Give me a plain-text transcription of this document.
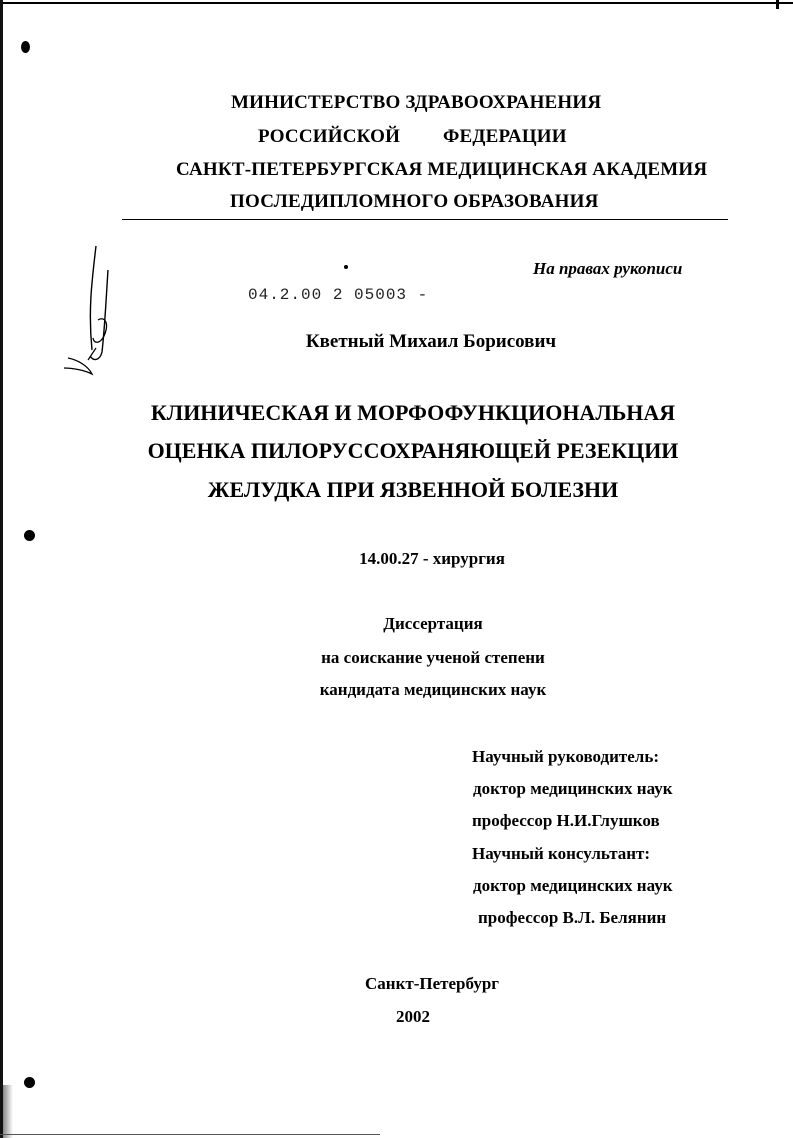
МИНИСТЕРСТВО ЗДРАВООХРАНЕНИЯ
РОССИЙСКОЙ ФЕДЕРАЦИИ
САНКТ-ПЕТЕРБУРГСКАЯ МЕДИЦИНСКАЯ АКАДЕМИЯ
ПОСЛЕДИПЛОМНОГО ОБРАЗОВАНИЯ
На правах рукописи
04.2.00 2 05003 -
Кветный Михаил Борисович
КЛИНИЧЕСКАЯ И МОРФОФУНКЦИОНАЛЬНАЯ
ОЦЕНКА ПИЛОРУССОХРАНЯЮЩЕЙ РЕЗЕКЦИИ
ЖЕЛУДКА ПРИ ЯЗВЕННОЙ БОЛЕЗНИ
14.00.27 - хирургия
Диссертация
на соискание ученой степени
кандидата медицинских наук
Научный руководитель:
доктор медицинских наук
профессор Н.И.Глушков
Научный консультант:
доктор медицинских наук
профессор В.Л. Белянин
Санкт-Петербург
2002
